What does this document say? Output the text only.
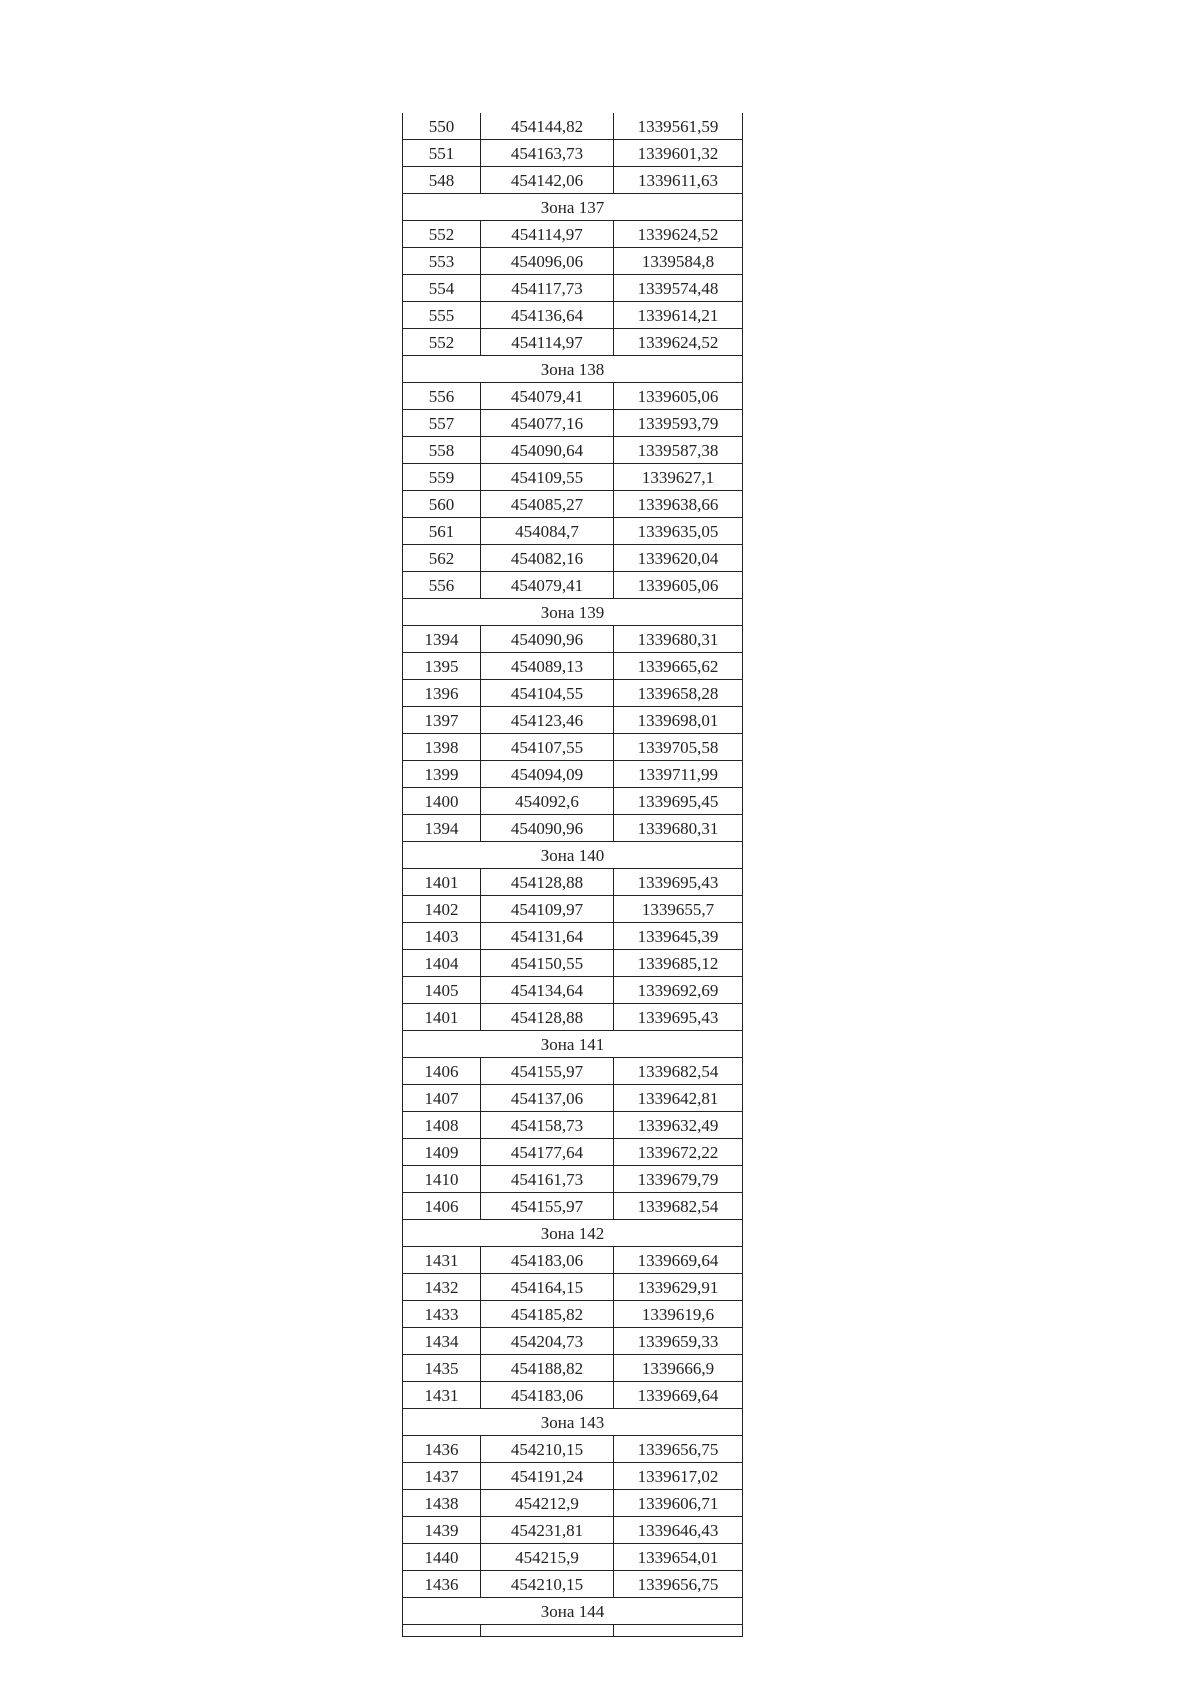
550	454144,82	1339561,59
551	454163,73	1339601,32
548	454142,06	1339611,63
Зона 137		
552	454114,97	1339624,52
553	454096,06	1339584,8
554	454117,73	1339574,48
555	454136,64	1339614,21
552	454114,97	1339624,52
Зона 138		
556	454079,41	1339605,06
557	454077,16	1339593,79
558	454090,64	1339587,38
559	454109,55	1339627,1
560	454085,27	1339638,66
561	454084,7	1339635,05
562	454082,16	1339620,04
556	454079,41	1339605,06
Зона 139		
1394	454090,96	1339680,31
1395	454089,13	1339665,62
1396	454104,55	1339658,28
1397	454123,46	1339698,01
1398	454107,55	1339705,58
1399	454094,09	1339711,99
1400	454092,6	1339695,45
1394	454090,96	1339680,31
Зона 140		
1401	454128,88	1339695,43
1402	454109,97	1339655,7
1403	454131,64	1339645,39
1404	454150,55	1339685,12
1405	454134,64	1339692,69
1401	454128,88	1339695,43
Зона 141		
1406	454155,97	1339682,54
1407	454137,06	1339642,81
1408	454158,73	1339632,49
1409	454177,64	1339672,22
1410	454161,73	1339679,79
1406	454155,97	1339682,54
Зона 142		
1431	454183,06	1339669,64
1432	454164,15	1339629,91
1433	454185,82	1339619,6
1434	454204,73	1339659,33
1435	454188,82	1339666,9
1431	454183,06	1339669,64
Зона 143		
1436	454210,15	1339656,75
1437	454191,24	1339617,02
1438	454212,9	1339606,71
1439	454231,81	1339646,43
1440	454215,9	1339654,01
1436	454210,15	1339656,75
Зона 144		
